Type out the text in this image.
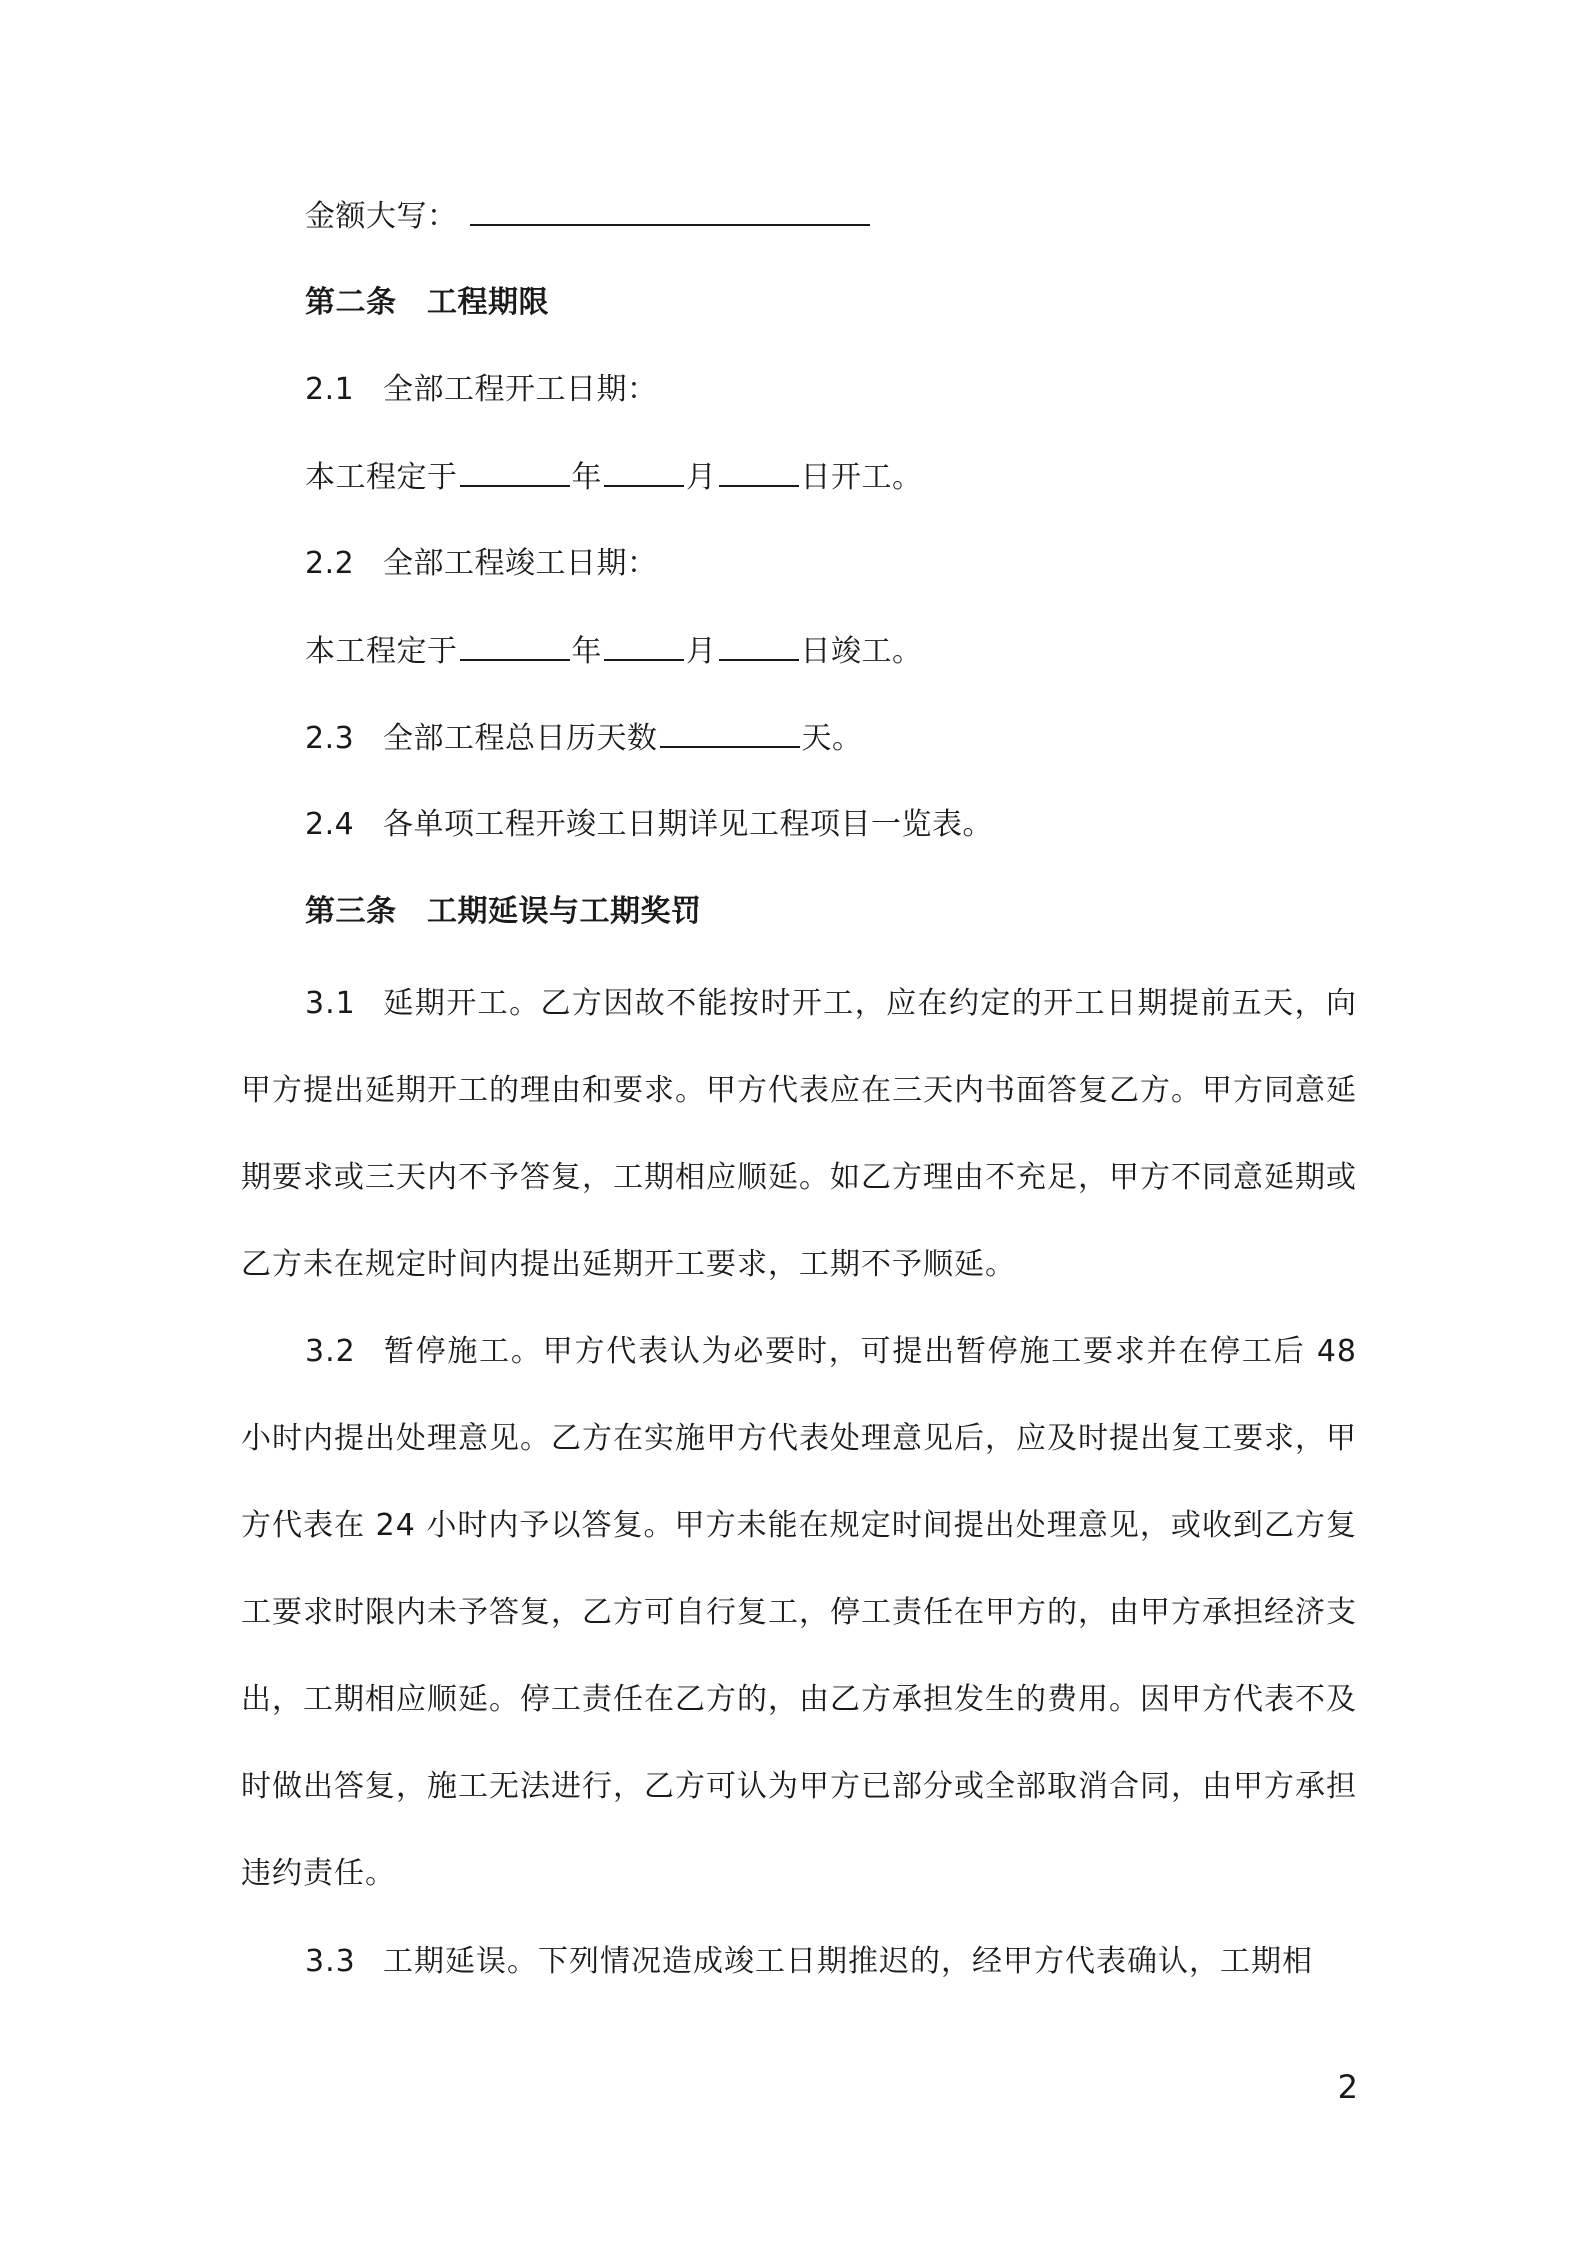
金额大写：
第二条　工程期限
2.1 全部工程开工日期：
本工程定于	年	月	日开工。
2.2 全部工程竣工日期：
本工程定于	年	月	日竣工。
2.3 全部工程总日历天数	天。
2.4 各单项工程开竣工日期详见工程项目一览表。
第三条　工期延误与工期奖罚
3.1 延期开工。乙方因故不能按时开工，应在约定的开工日期提前五天，向甲方提出延期开工的理由和要求。甲方代表应在三天内书面答复乙方。甲方同意延期要求或三天内不予答复，工期相应顺延。如乙方理由不充足，甲方不同意延期或乙方未在规定时间内提出延期开工要求，工期不予顺延。
3.2 暂停施工。甲方代表认为必要时，可提出暂停施工要求并在停工后 48 小时内提出处理意见。乙方在实施甲方代表处理意见后，应及时提出复工要求，甲方代表在 24 小时内予以答复。甲方未能在规定时间提出处理意见，或收到乙方复工要求时限内未予答复，乙方可自行复工，停工责任在甲方的，由甲方承担经济支出，工期相应顺延。停工责任在乙方的，由乙方承担发生的费用。因甲方代表不及时做出答复，施工无法进行，乙方可认为甲方已部分或全部取消合同，由甲方承担违约责任。
3.3 工期延误。下列情况造成竣工日期推迟的，经甲方代表确认，工期相
2
